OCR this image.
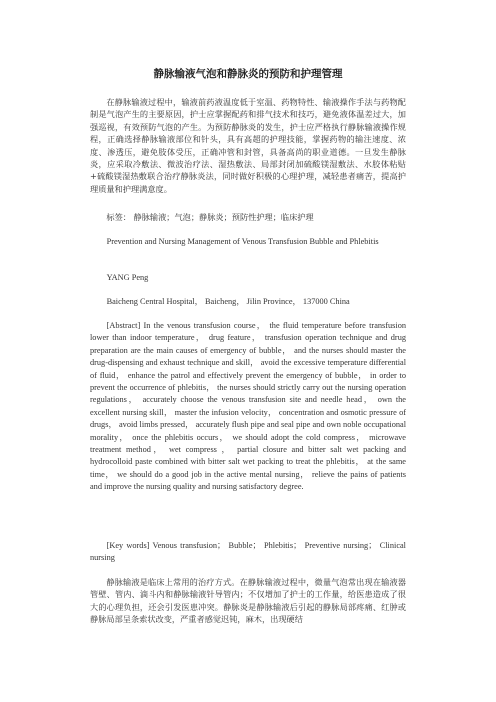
静脉输液气泡和静脉炎的预防和护理管理
在静脉输液过程中，输液前药液温度低于室温、药物特性、输液操作手法与药物配制是气泡产生的主要原因，护士应掌握配药和排气技术和技巧，避免液体温差过大，加强巡视，有效预防气泡的产生。为预防静脉炎的发生，护士应严格执行静脉输液操作规程，正确选择静脉输液部位和针头，具有高超的护理技能，掌握药物的输注速度、浓度、渗透压，避免肢体受压，正确冲管和封管，具备高尚的职业道德。一旦发生静脉炎，应采取冷敷法、微波治疗法、湿热敷法、局部封闭加硫酸镁湿敷法、水胶体粘贴+硫酸镁湿热敷联合治疗静脉炎法，同时做好积极的心理护理，减轻患者痛苦，提高护理质量和护理满意度。
标签： 静脉输液；气泡；静脉炎；预防性护理；临床护理
Prevention and Nursing Management of Venous Transfusion Bubble and Phlebitis
YANG Peng
Baicheng Central Hospital， Baicheng， Jilin Province， 137000 China
[Abstract] In the venous transfusion course， the fluid temperature before transfusion lower than indoor temperature， drug feature， transfusion operation technique and drug preparation are the main causes of emergency of bubble， and the nurses should master the drug-dispensing and exhaust technique and skill， avoid the excessive temperature differential of fluid， enhance the patrol and effectively prevent the emergency of bubble， in order to prevent the occurrence of phlebitis， the nurses should strictly carry out the nursing operation regulations， accurately choose the venous transfusion site and needle head， own the excellent nursing skill， master the infusion velocity， concentration and osmotic pressure of drugs， avoid limbs pressed， accurately flush pipe and seal pipe and own noble occupational morality， once the phlebitis occurs， we should adopt the cold compress， microwave treatment method， wet compress ， partial closure and bitter salt wet packing and hydrocolloid paste combined with bitter salt wet packing to treat the phlebitis， at the same time， we should do a good job in the active mental nursing， relieve the pains of patients and improve the nursing quality and nursing satisfactory degree.
[Key words] Venous transfusion； Bubble； Phlebitis； Preventive nursing； Clinical nursing
静脉输液是临床上常用的治疗方式。在静脉输液过程中，微量气泡常出现在输液器管壁、管内、滴斗内和静脉输液针导管内；不仅增加了护士的工作量，给医患造成了很大的心理负担，还会引发医患冲突。静脉炎是静脉输液后引起的静脉局部疼痛、红肿或静脉局部呈条索状改变，严重者感觉迟钝，麻木，出现硬结
